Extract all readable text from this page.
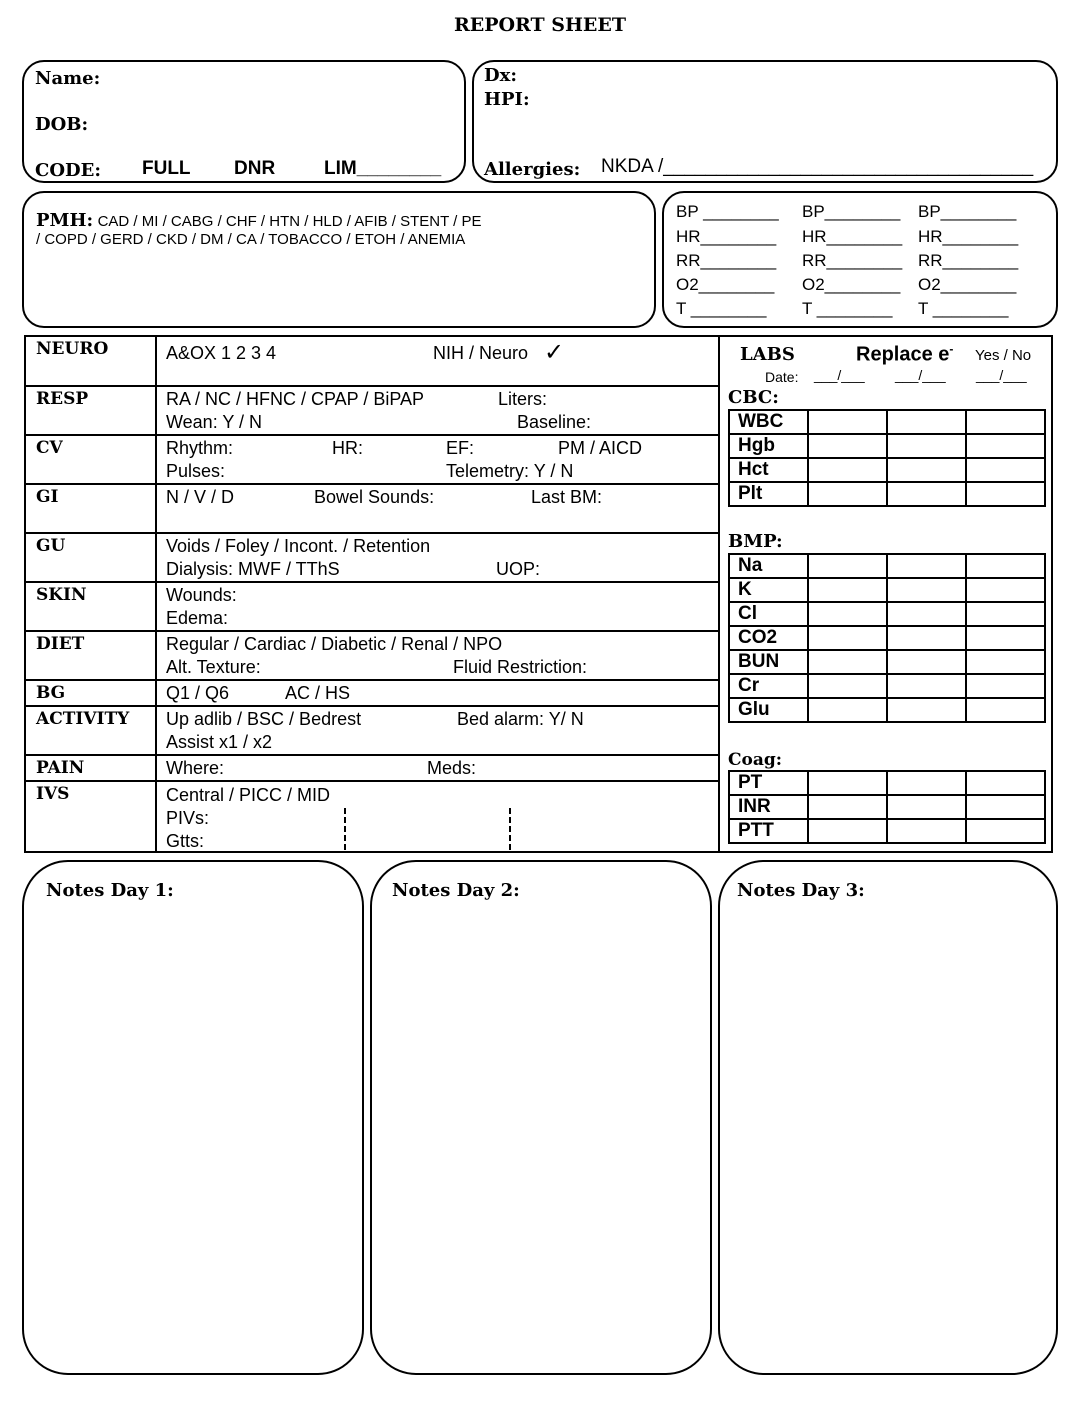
REPORT SHEET
Name:
DOB:
CODE: FULL DNR	LIM________
Dx:
HPI:
Allergies: NKDA /___________________________________
PMH: CAD / MI / CABG / CHF / HTN / HLD / AFIB / STENT / PE
/ COPD / GERD / CKD / DM / CA / TOBACCO / ETOH / ANEMIA
BP ________
HR________
RR________
O2________
T ________
BP________
HR________
RR________
O2________
T ________
BP________
HR________
RR________
O2________
T ________
NEURO	A&OX 1 2 3 4	NIH / Neuro ✓
RESP	RA / NC / HFNC / CPAP / BiPAP	Liters:
Wean: Y / N	Baseline:
CV	Rhythm:	HR:	EF:	PM / AICD
Pulses:	Telemetry: Y / N
GI	N / V / D	Bowel Sounds:	Last BM:
GU	Voids / Foley / Incont. / Retention
Dialysis: MWF / TThS	UOP:
SKIN	Wounds:
Edema:
DIET	Regular / Cardiac / Diabetic / Renal / NPO
Alt. Texture:	Fluid Restriction:
BG	Q1 / Q6	AC / HS
ACTIVITY Up adlib / BSC / Bedrest	Bed alarm: Y/ N
Assist x1 / x2
PAIN	Where:	Meds:
IVS	Central / PICC / MID
PIVs:
Gtts:
LABS	Replace e- Yes / No
Date: ___/___ ___/___ ___/___
CBC:
WBC			
Hgb			
Hct			
Plt			
BMP:
Na			
K			
Cl			
CO2			
BUN			
Cr			
Glu			
Coag:
PT			
INR			
PTT			
Notes Day 1:	Notes Day 2:	Notes Day 3:
